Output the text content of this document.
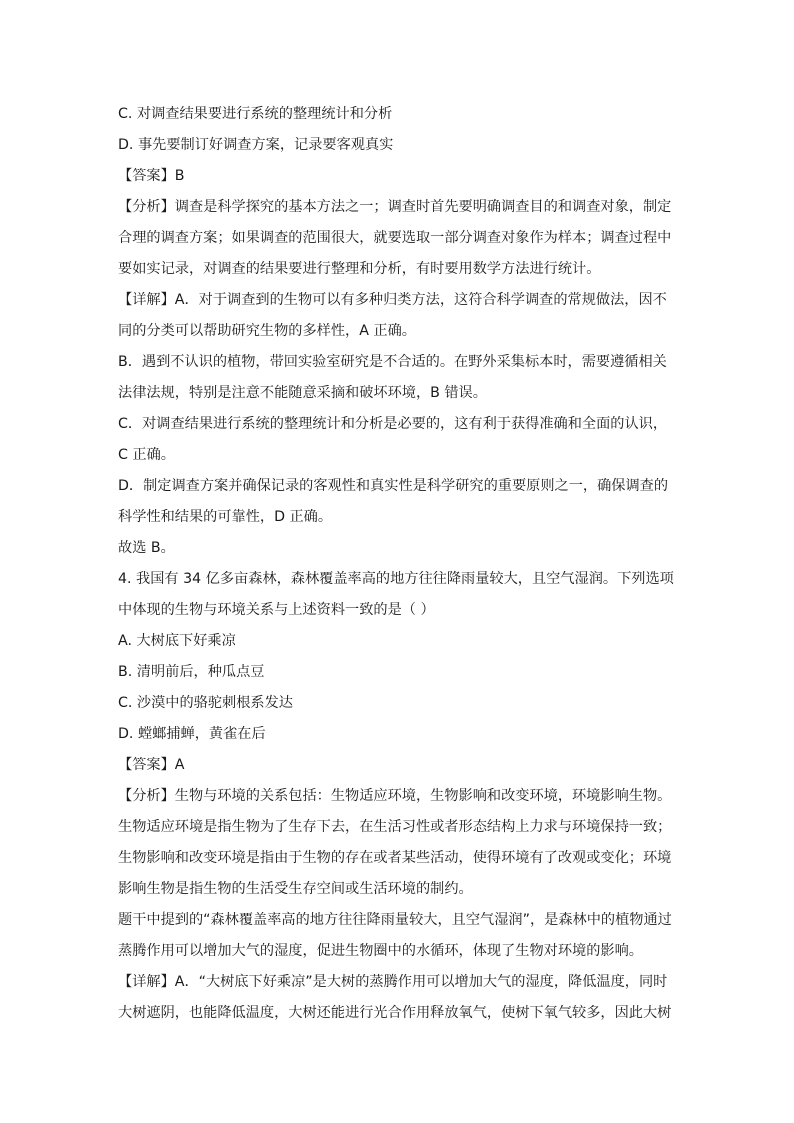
C. 对调查结果要进行系统的整理统计和分析
D. 事先要制订好调查方案，记录要客观真实
【答案】B
【分析】调查是科学探究的基本方法之一；调查时首先要明确调查目的和调查对象，制定
合理的调查方案；如果调查的范围很大，就要选取一部分调查对象作为样本；调查过程中
要如实记录，对调查的结果要进行整理和分析，有时要用数学方法进行统计。
【详解】A．对于调查到的生物可以有多种归类方法，这符合科学调查的常规做法，因不
同的分类可以帮助研究生物的多样性，A 正确。
B．遇到不认识的植物，带回实验室研究是不合适的。在野外采集标本时，需要遵循相关
法律法规，特别是注意不能随意采摘和破坏环境，B 错误。
C．对调查结果进行系统的整理统计和分析是必要的，这有利于获得准确和全面的认识，
C 正确。
D．制定调查方案并确保记录的客观性和真实性是科学研究的重要原则之一，确保调查的
科学性和结果的可靠性，D 正确。
故选 B。
4. 我国有 34 亿多亩森林，森林覆盖率高的地方往往降雨量较大，且空气湿润。下列选项
中体现的生物与环境关系与上述资料一致的是（ ）
A. 大树底下好乘凉
B. 清明前后，种瓜点豆
C. 沙漠中的骆驼刺根系发达
D. 螳螂捕蝉，黄雀在后
【答案】A
【分析】生物与环境的关系包括：生物适应环境，生物影响和改变环境，环境影响生物。
生物适应环境是指生物为了生存下去，在生活习性或者形态结构上力求与环境保持一致；
生物影响和改变环境是指由于生物的存在或者某些活动，使得环境有了改观或变化；环境
影响生物是指生物的生活受生存空间或生活环境的制约。
题干中提到的“森林覆盖率高的地方往往降雨量较大，且空气湿润”，是森林中的植物通过
蒸腾作用可以增加大气的湿度，促进生物圈中的水循环，体现了生物对环境的影响。
【详解】A．“大树底下好乘凉”是大树的蒸腾作用可以增加大气的湿度，降低温度，同时
大树遮阴，也能降低温度，大树还能进行光合作用释放氧气，使树下氧气较多，因此大树
